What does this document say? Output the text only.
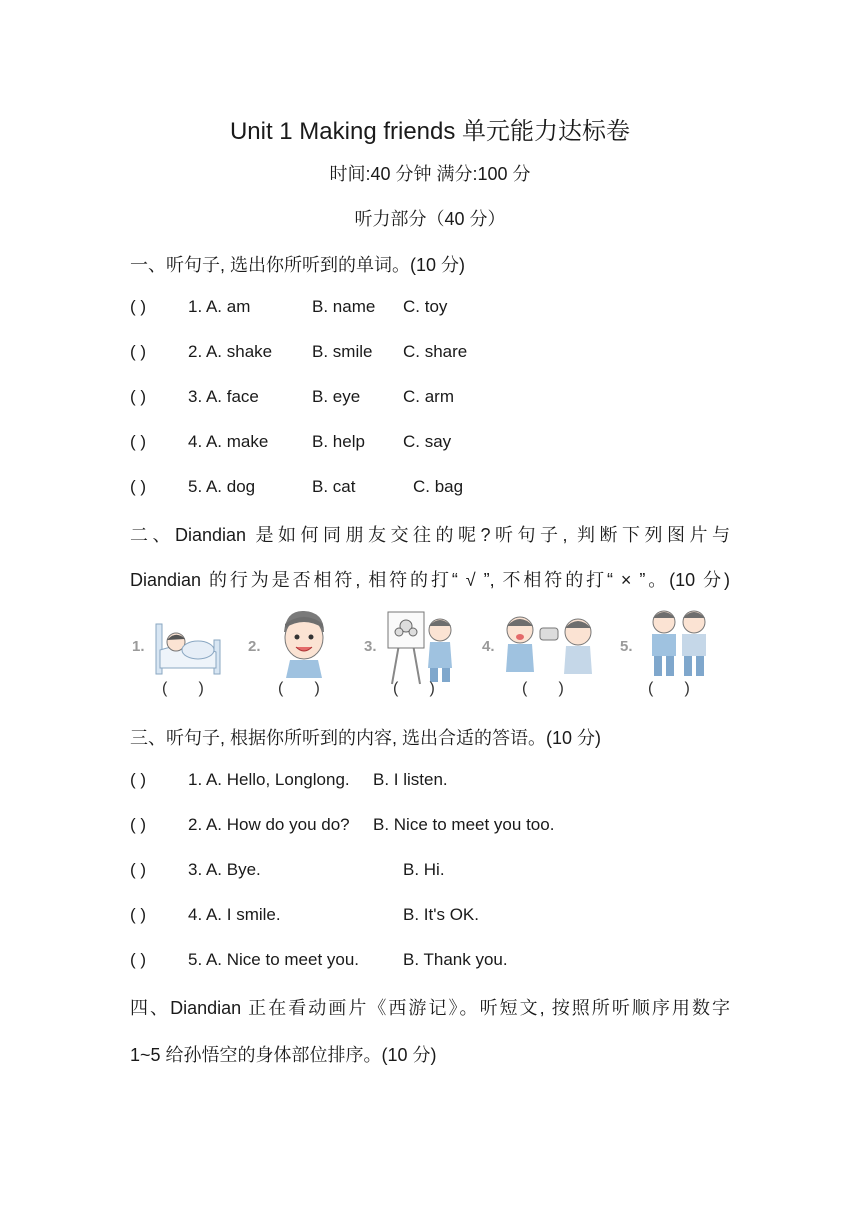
Unit 1 Making friends 单元能力达标卷
时间:40 分钟 满分:100 分
听力部分（40 分）
一、听句子, 选出你所听到的单词。(10 分)
( ) 1. A. am	B. name C. toy
( ) 2. A. shake B. smile C. share
( ) 3. A. face	B. eye	C. arm
( ) 4. A. make	B. help C. say
( ) 5. A. dog	B. cat	C. bag
二、Diandian 是如何同朋友交往的呢?听句子, 判断下列图片与
Diandian 的行为是否相符, 相符的打“ √ ”, 不相符的打“ × ”。(10 分)
1.	2.	3.	4.	5.
(       )	(       )	(       )	(       )	(       )
三、听句子, 根据你所听到的内容, 选出合适的答语。(10 分)
( ) 1. A. Hello, Longlong. B. I listen.
( ) 2. A. How do you do? B. Nice to meet you too.
( ) 3. A. Bye.	B. Hi.
( ) 4. A. I smile.	B. It's OK.
( ) 5. A. Nice to meet you.	B. Thank you.
四、Diandian 正在看动画片《西游记》。听短文, 按照所听顺序用数字
1~5 给孙悟空的身体部位排序。(10 分)
